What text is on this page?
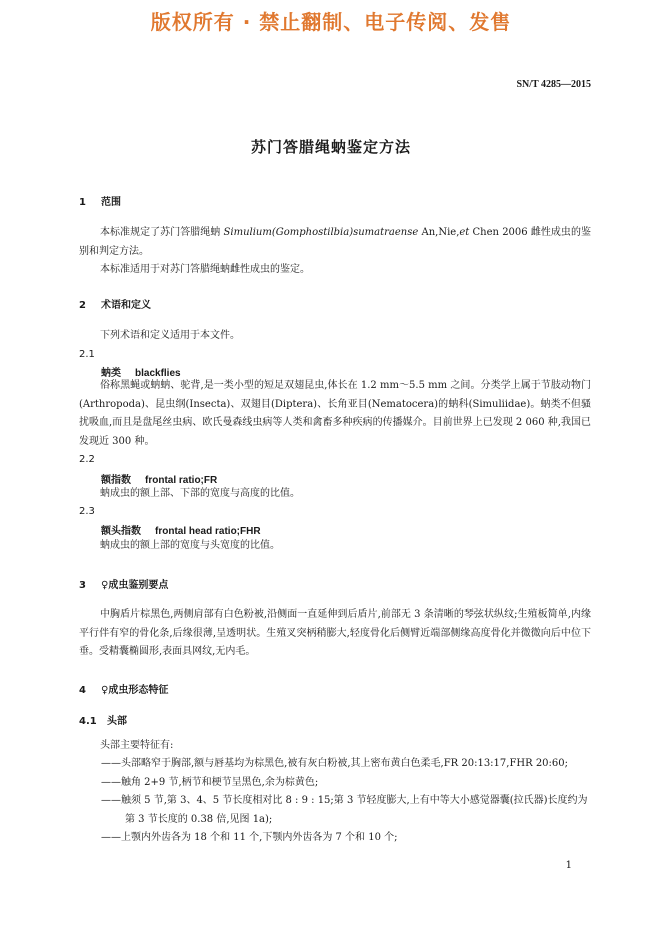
版权所有 · 禁止翻制、电子传阅、发售
SN/T 4285—2015
苏门答腊绳蚋鉴定方法
1 范围
本标准规定了苏门答腊绳蚋 Simulium(Gomphostilbia)sumatraense An,Nie,et Chen 2006 雌性成虫的鉴别和判定方法。
本标准适用于对苏门答腊绳蚋雌性成虫的鉴定。
2 术语和定义
下列术语和定义适用于本文件。
2.1
蚋类 blackflies
俗称黑蝇或蚋蚋、驼背,是一类小型的短足双翅昆虫,体长在 1.2 mm～5.5 mm 之间。分类学上属于节肢动物门(Arthropoda)、昆虫纲(Insecta)、双翅目(Diptera)、长角亚目(Nematocera)的蚋科(Simuliidae)。蚋类不但骚扰吸血,而且是盘尾丝虫病、欧氏曼森线虫病等人类和禽畜多种疾病的传播媒介。目前世界上已发现 2 060 种,我国已发现近 300 种。
2.2
额指数 frontal ratio;FR
蚋成虫的额上部、下部的宽度与高度的比值。
2.3
额头指数 frontal head ratio;FHR
蚋成虫的额上部的宽度与头宽度的比值。
3 ♀成虫鉴别要点
中胸盾片棕黑色,两侧肩部有白色粉被,沿侧面一直延伸到后盾片,前部无 3 条清晰的琴弦状纵纹;生殖板简单,内缘平行伴有窄的骨化条,后缘很薄,呈透明状。生殖叉突柄稍膨大,轻度骨化后侧臂近端部侧缘高度骨化并微微向后中位下垂。受精囊椭圆形,表面具网纹,无内毛。
4 ♀成虫形态特征
4.1 头部
头部主要特征有:
——头部略窄于胸部,额与唇基均为棕黑色,被有灰白粉被,其上密布黄白色柔毛,FR 20:13:17,FHR 20:60;
——触角 2+9 节,柄节和梗节呈黑色,余为棕黄色;
——触须 5 节,第 3、4、5 节长度相对比 8 : 9 : 15;第 3 节轻度膨大,上有中等大小感觉器囊(拉氏器)长度约为第 3 节长度的 0.38 倍,见图 1a);
——上颚内外齿各为 18 个和 11 个,下颚内外齿各为 7 个和 10 个;
1
